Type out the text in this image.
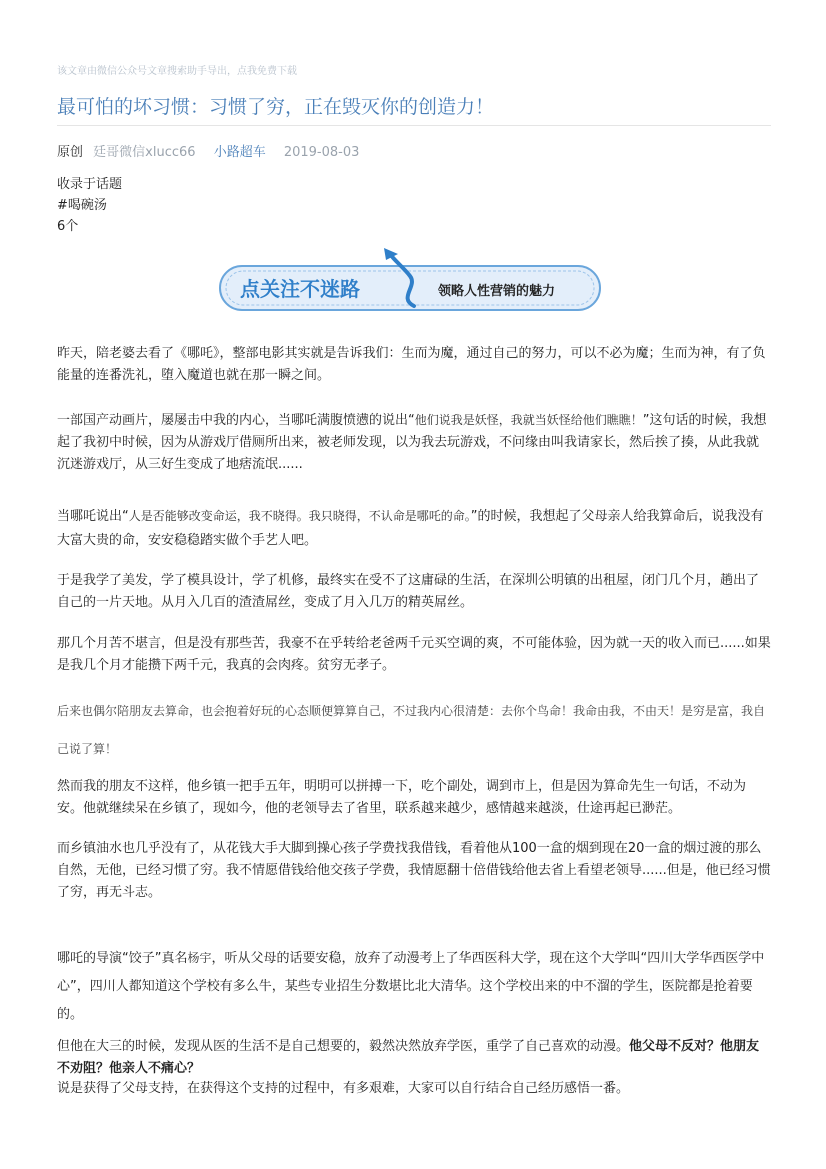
该文章由微信公众号文章搜索助手导出，点我免费下载
最可怕的坏习惯：习惯了穷，正在毁灭你的创造力！
原创 廷哥微信xlucc66 小路超车 2019-08-03
收录于话题
#喝碗汤
6个
点关注不迷路	领略人性营销的魅力

昨天，陪老婆去看了《哪吒》，整部电影其实就是告诉我们：生而为魔，通过自己的努力，可以不必为魔；生而为神，有了负能量的连番洗礼，堕入魔道也就在那一瞬之间。

一部国产动画片，屡屡击中我的内心，当哪吒满腹愤懑的说出“他们说我是妖怪，我就当妖怪给他们瞧瞧！”这句话的时候，我想起了我初中时候，因为从游戏厅借厕所出来，被老师发现，以为我去玩游戏，不问缘由叫我请家长，然后挨了揍，从此我就沉迷游戏厅，从三好生变成了地痞流氓......

当哪吒说出“人是否能够改变命运，我不晓得。我只晓得，不认命是哪吒的命。”的时候，我想起了父母亲人给我算命后，说我没有大富大贵的命，安安稳稳踏实做个手艺人吧。

于是我学了美发，学了模具设计，学了机修，最终实在受不了这庸碌的生活，在深圳公明镇的出租屋，闭门几个月，趟出了自己的一片天地。从月入几百的渣渣屌丝，变成了月入几万的精英屌丝。

那几个月苦不堪言，但是没有那些苦，我豪不在乎转给老爸两千元买空调的爽，不可能体验，因为就一天的收入而已......如果是我几个月才能攒下两千元，我真的会肉疼。贫穷无孝子。

后来也偶尔陪朋友去算命，也会抱着好玩的心态顺便算算自己，不过我内心很清楚：去你个鸟命！我命由我，不由天！是穷是富，我自己说了算！

然而我的朋友不这样，他乡镇一把手五年，明明可以拼搏一下，吃个副处，调到市上，但是因为算命先生一句话，不动为安。他就继续呆在乡镇了，现如今，他的老领导去了省里，联系越来越少，感情越来越淡，仕途再起已渺茫。

而乡镇油水也几乎没有了，从花钱大手大脚到操心孩子学费找我借钱，看着他从100一盒的烟到现在20一盒的烟过渡的那么自然，无他，已经习惯了穷。我不情愿借钱给他交孩子学费，我情愿翻十倍借钱给他去省上看望老领导......但是，他已经习惯了穷，再无斗志。

哪吒的导演“饺子”真名杨宇，听从父母的话要安稳，放弃了动漫考上了华西医科大学，现在这个大学叫“四川大学华西医学中心”，四川人都知道这个学校有多么牛，某些专业招生分数堪比北大清华。这个学校出来的中不溜的学生，医院都是抢着要的。

但他在大三的时候，发现从医的生活不是自己想要的，毅然决然放弃学医，重学了自己喜欢的动漫。他父母不反对？他朋友不劝阻？他亲人不痛心？

说是获得了父母支持，在获得这个支持的过程中，有多艰难，大家可以自行结合自己经历感悟一番。
